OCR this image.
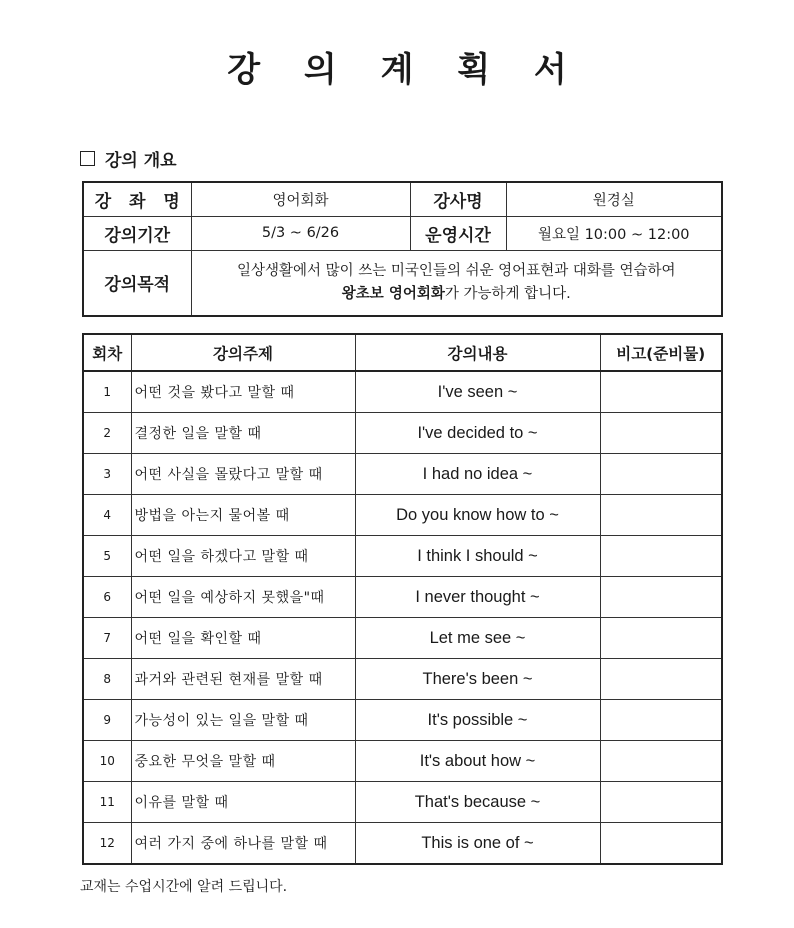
강 의 계 획 서
강의 개요
강 좌 명	영어회화	강사명	원경실
강의기간	5/3 ~ 6/26	운영시간	월요일 10:00 ~ 12:00
강의목적	일상생활에서 많이 쓰는 미국인들의 쉬운 영어표현과 대화를 연습하여
왕초보 영어회화가 가능하게 합니다.		
회차	강의주제	강의내용	비고(준비물)
1	어떤 것을 봤다고 말할 때	I've seen ~	
2	결정한 일을 말할 때	I've decided to ~	
3	어떤 사실을 몰랐다고 말할 때	I had no idea ~	
4	방법을 아는지 물어볼 때	Do you know how to ~	
5	어떤 일을 하겠다고 말할 때	I think I should ~	
6	어떤 일을 예상하지 못했을"때	I never thought ~	
7	어떤 일을 확인할 때	Let me see ~	
8	과거와 관련된 현재를 말할 때	There's been ~	
9	가능성이 있는 일을 말할 때	It's possible ~	
10	중요한 무엇을 말할 때	It's about how ~	
11	이유를 말할 때	That's because ~	
12	여러 가지 중에 하나를 말할 때	This is one of ~	
교재는 수업시간에 알려 드립니다.
